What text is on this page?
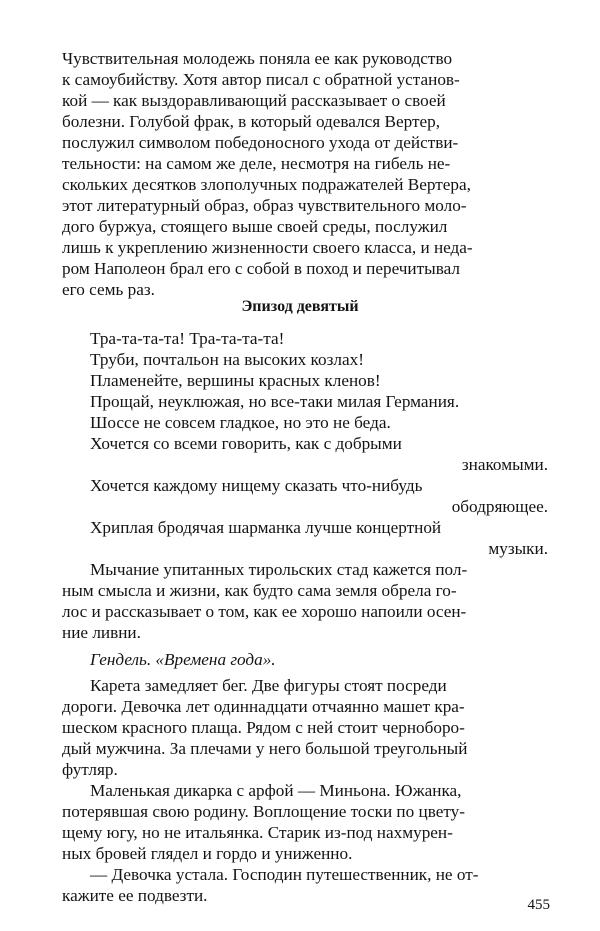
Чувствительная молодежь поняла ее как руководство
к самоубийству. Хотя автор писал с обратной установ-
кой — как выздоравливающий рассказывает о своей
болезни. Голубой фрак, в который одевался Вертер,
послужил символом победоносного ухода от действи-
тельности: на самом же деле, несмотря на гибель не-
скольких десятков злополучных подражателей Вертера,
этот литературный образ, образ чувствительного моло-
дого буржуа, стоящего выше своей среды, послужил
лишь к укреплению жизненности своего класса, и неда-
ром Наполеон брал его с собой в поход и перечитывал
его семь раз.
Эпизод девятый
Тра-та-та-та! Тра-та-та-та!
Труби, почтальон на высоких козлах!
Пламенейте, вершины красных кленов!
Прощай, неуклюжая, но все-таки милая Германия.
Шоссе не совсем гладкое, но это не беда.
Хочется со всеми говорить, как с добрыми
знакомыми.
Хочется каждому нищему сказать что-нибудь
ободряющее.
Хриплая бродячая шарманка лучше концертной
музыки.
Мычание упитанных тирольских стад кажется пол-
ным смысла и жизни, как будто сама земля обрела го-
лос и рассказывает о том, как ее хорошо напоили осен-
ние ливни.
Гендель. «Времена года».
Карета замедляет бег. Две фигуры стоят посреди
дороги. Девочка лет одиннадцати отчаянно машет кра-
шеском красного плаща. Рядом с ней стоит черноборо-
дый мужчина. За плечами у него большой треугольный
футляр.
Маленькая дикарка с арфой — Миньона. Южанка,
потерявшая свою родину. Воплощение тоски по цвету-
щему югу, но не итальянка. Старик из-под нахмурен-
ных бровей глядел и гордо и униженно.
— Девочка устала. Господин путешественник, не от-
кажите ее подвезти.	455
